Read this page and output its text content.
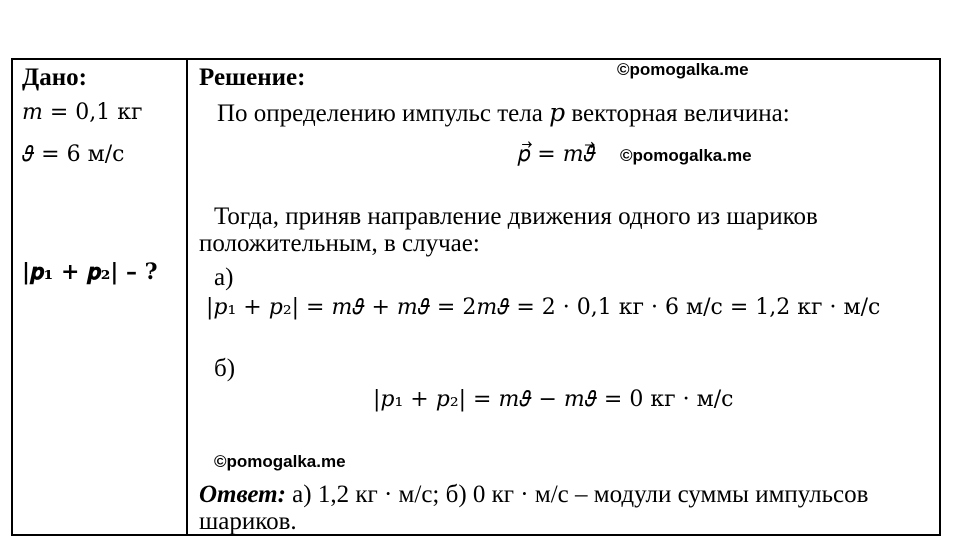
Дано:
𝑚 = 0,1 кг
𝜗 = 6 м/с
|𝒑₁ + 𝒑₂| – ?
Решение:	©pomogalka.me
По определению импульс тела 𝑝 векторная величина:
𝑝⃗ = 𝑚𝜗⃗ ©pomogalka.me
Тогда, приняв направление движения одного из шариков
положительным, в случае:
а)
|𝑝₁ + 𝑝₂| = 𝑚𝜗 + 𝑚𝜗 = 2𝑚𝜗 = 2 · 0,1 кг · 6 м/с = 1,2 кг · м/с
б)
|𝑝₁ + 𝑝₂| = 𝑚𝜗 − 𝑚𝜗 = 0 кг · м/с
©pomogalka.me
Ответ: а) 1,2 кг · м/с; б) 0 кг · м/с – модули суммы импульсов
шариков.
